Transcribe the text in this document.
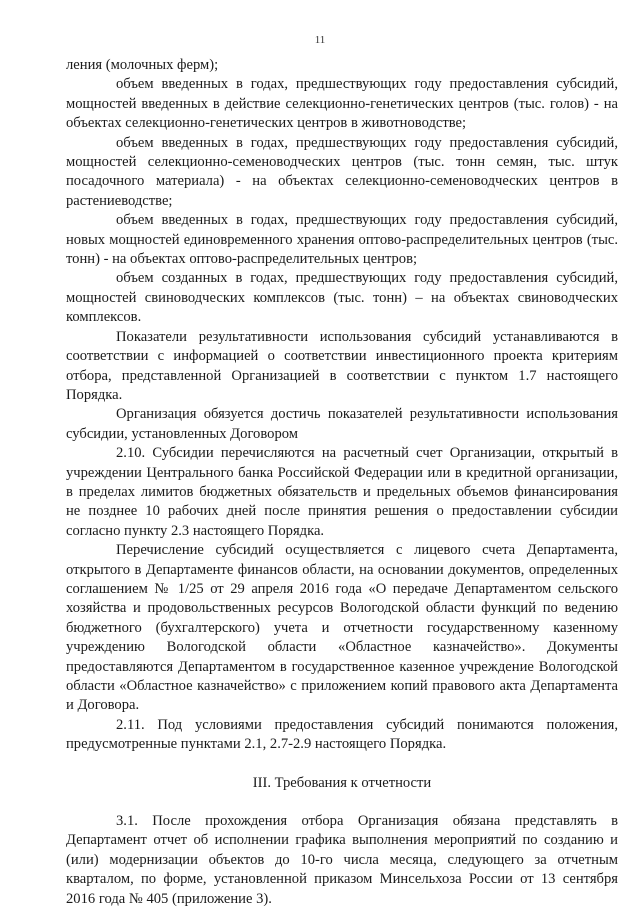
11

ления (молочных ферм);

объем введенных в годах, предшествующих году предоставления субсидий, мощностей введенных в действие селекционно-генетических центров (тыс. голов) - на объектах селекционно-генетических центров в животноводстве;

объем введенных в годах, предшествующих году предоставления субсидий, мощностей селекционно-семеноводческих центров (тыс. тонн семян, тыс. штук посадочного материала) - на объектах селекционно-семеноводческих центров в растениеводстве;

объем введенных в годах, предшествующих году предоставления субсидий, новых мощностей единовременного хранения оптово-распределительных центров (тыс. тонн) - на объектах оптово-распределительных центров;

объем созданных в годах, предшествующих году предоставления субсидий, мощностей свиноводческих комплексов (тыс. тонн) – на объектах свиноводческих комплексов.

Показатели результативности использования субсидий устанавливаются в соответствии с информацией о соответствии инвестиционного проекта критериям отбора, представленной Организацией в соответствии с пунктом 1.7 настоящего Порядка.

Организация обязуется достичь показателей результативности использования субсидии, установленных Договором

2.10. Субсидии перечисляются на расчетный счет Организации, открытый в учреждении Центрального банка Российской Федерации или в кредитной организации, в пределах лимитов бюджетных обязательств и предельных объемов финансирования не позднее 10 рабочих дней после принятия решения о предоставлении субсидии согласно пункту 2.3 настоящего Порядка.

Перечисление субсидий осуществляется с лицевого счета Департамента, открытого в Департаменте финансов области, на основании документов, определенных соглашением № 1/25 от 29 апреля 2016 года «О передаче Департаментом сельского хозяйства и продовольственных ресурсов Вологодской области функций по ведению бюджетного (бухгалтерского) учета и отчетности государственному казенному учреждению Вологодской области «Областное казначейство». Документы предоставляются Департаментом в государственное казенное учреждение Вологодской области «Областное казначейство» с приложением копий правового акта Департамента и Договора.

2.11. Под условиями предоставления субсидий понимаются положения, предусмотренные пунктами 2.1, 2.7-2.9 настоящего Порядка.

III. Требования к отчетности

3.1. После прохождения отбора Организация обязана представлять в Департамент отчет об исполнении графика выполнения мероприятий по созданию и (или) модернизации объектов до 10-го числа месяца, следующего за отчетным кварталом, по форме, установленной приказом Минсельхоза России от 13 сентября 2016 года № 405 (приложение 3).
